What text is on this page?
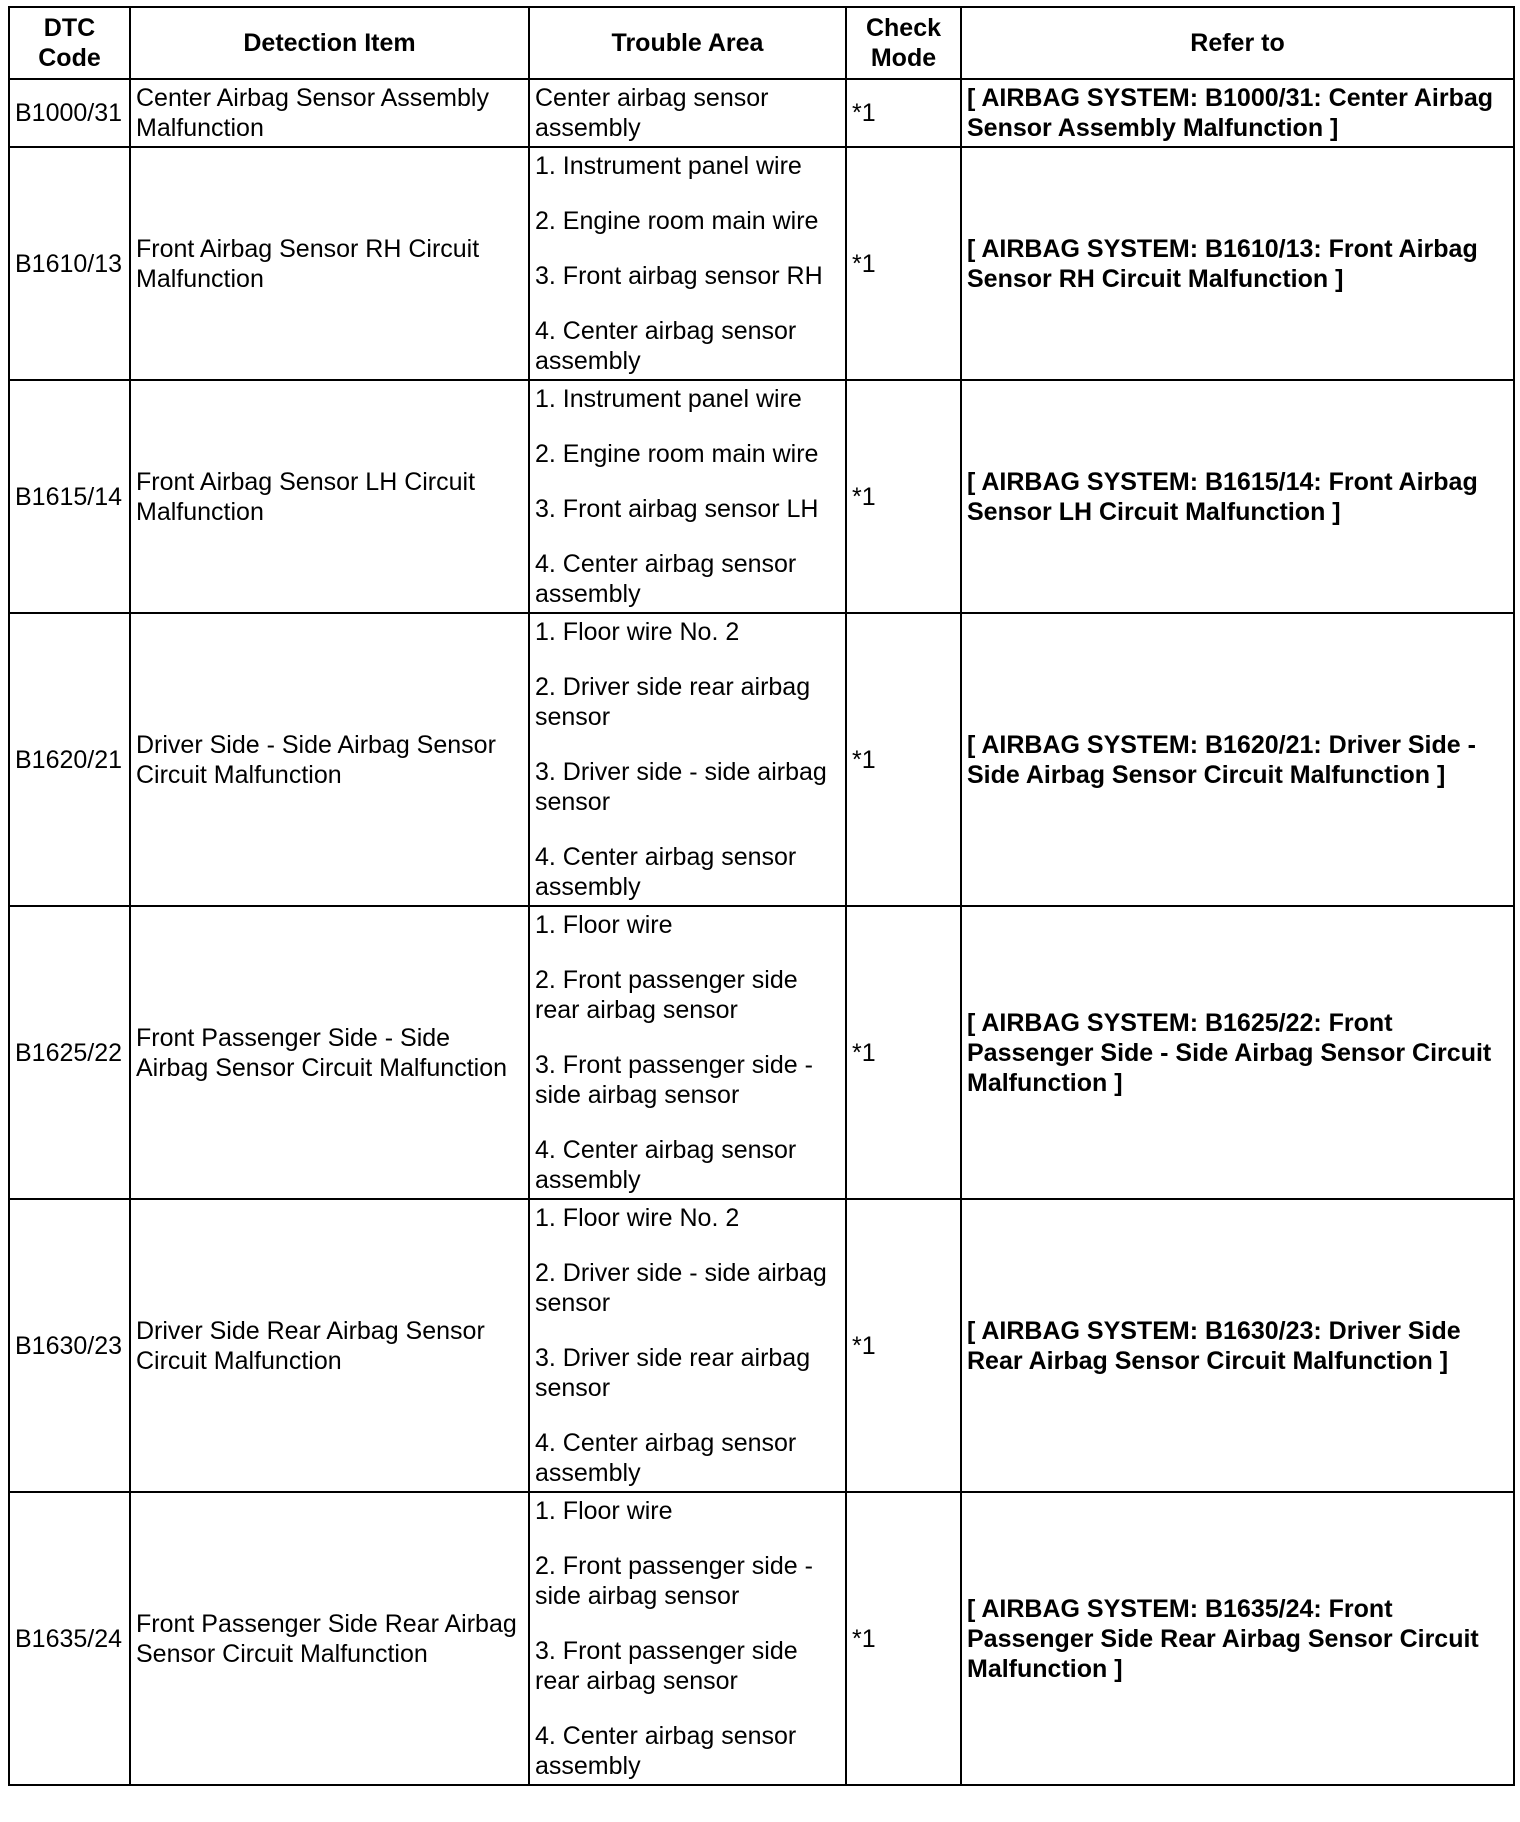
DTC Code	Detection Item	Trouble Area	Check Mode	Refer to
B1000/31	Center Airbag Sensor Assembly Malfunction	Center airbag sensor assembly	*1	[ AIRBAG SYSTEM: B1000/31: Center Airbag Sensor Assembly Malfunction ]
B1610/13	Front Airbag Sensor RH Circuit Malfunction	1. Instrument panel wire
2. Engine room main wire
3. Front airbag sensor RH
4. Center airbag sensor assembly	*1	[ AIRBAG SYSTEM: B1610/13: Front Airbag Sensor RH Circuit Malfunction ]
B1615/14	Front Airbag Sensor LH Circuit Malfunction	1. Instrument panel wire
2. Engine room main wire
3. Front airbag sensor LH
4. Center airbag sensor assembly	*1	[ AIRBAG SYSTEM: B1615/14: Front Airbag Sensor LH Circuit Malfunction ]
B1620/21	Driver Side - Side Airbag Sensor Circuit Malfunction	1. Floor wire No. 2
2. Driver side rear airbag sensor
3. Driver side - side airbag sensor
4. Center airbag sensor assembly	*1	[ AIRBAG SYSTEM: B1620/21: Driver Side - Side Airbag Sensor Circuit Malfunction ]
B1625/22	Front Passenger Side - Side Airbag Sensor Circuit Malfunction	1. Floor wire
2. Front passenger side rear airbag sensor
3. Front passenger side - side airbag sensor
4. Center airbag sensor assembly	*1	[ AIRBAG SYSTEM: B1625/22: Front Passenger Side - Side Airbag Sensor Circuit Malfunction ]
B1630/23	Driver Side Rear Airbag Sensor Circuit Malfunction	1. Floor wire No. 2
2. Driver side - side airbag sensor
3. Driver side rear airbag sensor
4. Center airbag sensor assembly	*1	[ AIRBAG SYSTEM: B1630/23: Driver Side Rear Airbag Sensor Circuit Malfunction ]
B1635/24	Front Passenger Side Rear Airbag Sensor Circuit Malfunction	1. Floor wire
2. Front passenger side - side airbag sensor
3. Front passenger side rear airbag sensor
4. Center airbag sensor assembly	*1	[ AIRBAG SYSTEM: B1635/24: Front Passenger Side Rear Airbag Sensor Circuit Malfunction ]
